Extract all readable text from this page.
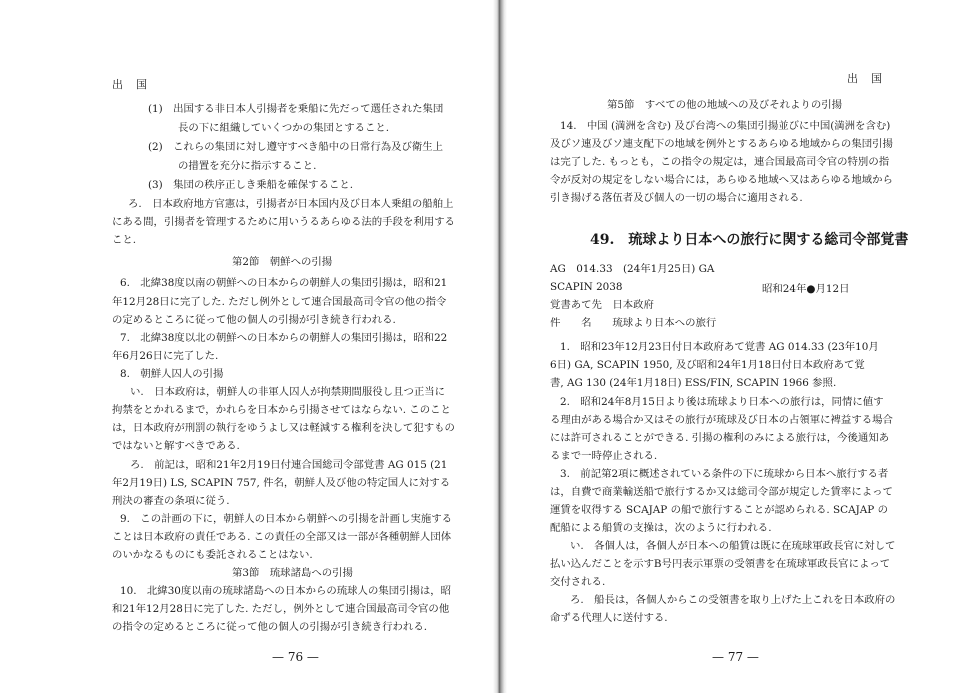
出　国
(1)　出国する非日本人引揚者を乗船に先だって選任された集団
長の下に組織していくつかの集団とすること.
(2)　これらの集団に対し遵守すべき船中の日常行為及び衛生上
の措置を充分に指示すること.
(3)　集団の秩序正しき乗船を確保すること.
ろ.　日本政府地方官憲は，引揚者が日本国内及び日本人乗組の船舶上
にある間，引揚者を管理するために用いうるあらゆる法的手段を利用する
こと.
第2節　朝鮮への引揚
6.　北緯38度以南の朝鮮への日本からの朝鮮人の集団引揚は，昭和21
年12月28日に完了した. ただし例外として連合国最高司令官の他の指令
の定めるところに従って他の個人の引揚が引き続き行われる.
7.　北緯38度以北の朝鮮への日本からの朝鮮人の集団引揚は，昭和22
年6月26日に完了した.
8.　朝鮮人囚人の引揚
い.　日本政府は，朝鮮人の非軍人囚人が拘禁期間服役し且つ正当に
拘禁をとかれるまで，かれらを日本から引揚させてはならない. このこと
は，日本政府が刑罰の執行をゆうよし又は軽減する権利を決して犯すもの
ではないと解すべきである.
ろ.　前記は，昭和21年2月19日付連合国総司令部覚書 AG 015 (21
年2月19日) LS, SCAPIN 757, 件名，朝鮮人及び他の特定国人に対する
刑決の審査の条項に従う.
9.　この計画の下に，朝鮮人の日本から朝鮮への引揚を計画し実施する
ことは日本政府の責任である. この責任の全部又は一部が各種朝鮮人団体
のいかなるものにも委託されることはない.
第3節　琉球諸島への引揚
10.　北緯30度以南の琉球諸島への日本からの琉球人の集団引揚は，昭
和21年12月28日に完了した. ただし，例外として連合国最高司令官の他
の指令の定めるところに従って他の個人の引揚が引き続き行われる.
— 76 —
出　国
第5節　すべての他の地域への及びそれよりの引揚
14.　中国 (満洲を含む) 及び台湾への集団引揚並びに中国(満洲を含む)
及びソ連及びソ連支配下の地域を例外とするあらゆる地域からの集団引揚
は完了した. もっとも，この指令の規定は，連合国最高司令官の特別の指
令が反対の規定をしない場合には，あらゆる地域へ又はあらゆる地域から
引き揚げる落伍者及び個人の一切の場合に適用される.
49.　琉球より日本への旅行に関する総司令部覚書
AG　014.33　(24年1月25日) GA
SCAPIN 2038	昭和24年●月12日
覚書あて先　日本政府
件　　名　　琉球より日本への旅行
1.　昭和23年12月23日付日本政府あて覚書 AG 014.33 (23年10月
6日) GA, SCAPIN 1950, 及び昭和24年1月18日付日本政府あて覚
書, AG 130 (24年1月18日) ESS/FIN, SCAPIN 1966 参照.
2.　昭和24年8月15日より後は琉球より日本への旅行は，同情に値す
る理由がある場合か又はその旅行が琉球及び日本の占領軍に裨益する場合
には許可されることができる. 引揚の権利のみによる旅行は，今後通知あ
るまで一時停止される.
3.　前記第2項に概述されている条件の下に琉球から日本へ旅行する者
は，自費で商業輸送船で旅行するか又は総司令部が規定した賃率によって
運賃を収得する SCAJAP の船で旅行することが認められる. SCAJAP の
配船による船賃の支操は，次のように行われる.
い.　各個人は，各個人が日本への船賃は既に在琉球軍政長官に対して
払い込んだことを示すB号円表示軍票の受領書を在琉球軍政長官によって
交付される.
ろ.　船長は，各個人からこの受領書を取り上げた上これを日本政府の
命ずる代理人に送付する.
— 77 —
